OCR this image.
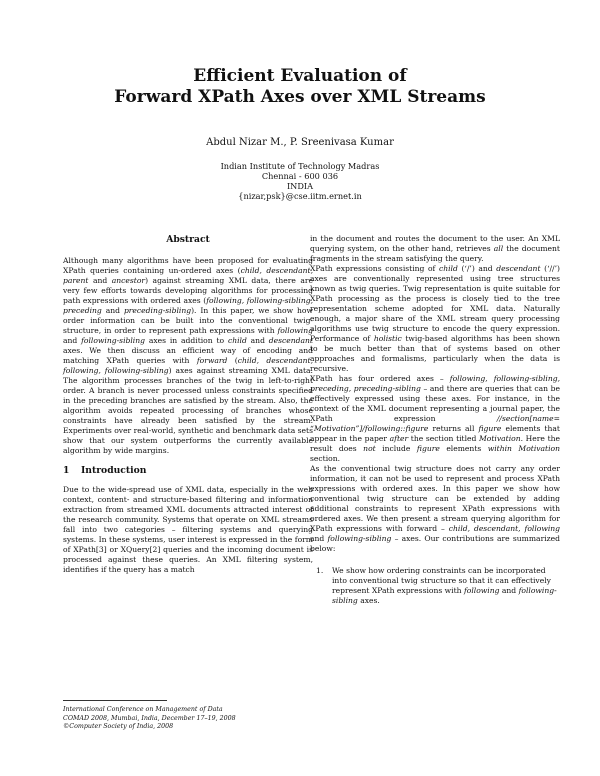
Efficient Evaluation of
Forward XPath Axes over XML Streams
Abdul Nizar M., P. Sreenivasa Kumar
Indian Institute of Technology Madras
Chennai - 600 036
INDIA
{nizar,psk}@cse.iitm.ernet.in
Abstract
Although many algorithms have been proposed for evaluating XPath queries containing un-ordered axes (child, descendant, parent and ancestor) against streaming XML data, there are very few efforts towards developing algorithms for processing path expressions with ordered axes (following, following-sibling, preceding and preceding-sibling). In this paper, we show how order information can be built into the conventional twig-structure, in order to represent path expressions with following and following-sibling axes in addition to child and descendant axes. We then discuss an efficient way of encoding and matching XPath queries with forward (child, descendant, following, following-sibling) axes against streaming XML data. The algorithm processes branches of the twig in left-to-right order. A branch is never processed unless constraints specified in the preceding branches are satisfied by the stream. Also, the algorithm avoids repeated processing of branches whose constraints have already been satisfied by the stream. Experiments over real-world, synthetic and benchmark data sets show that our system outperforms the currently available algorithm by wide margins.
1 Introduction
Due to the wide-spread use of XML data, especially in the web context, content- and structure-based filtering and information extraction from streamed XML documents attracted interest of the research community. Systems that operate on XML streams fall into two categories – filtering systems and querying systems. In these systems, user interest is expressed in the form of XPath[3] or XQuery[2] queries and the incoming document is processed against these queries. An XML filtering system, identifies if the query has a match
in the document and routes the document to the user. An XML querying system, on the other hand, retrieves all the document fragments in the stream satisfying the query.
XPath expressions consisting of child (‘/’) and descendant (‘//’) axes are conventionally represented using tree structures known as twig queries. Twig representation is quite suitable for XPath processing as the process is closely tied to the tree representation scheme adopted for XML data. Naturally enough, a major share of the XML stream query processing algorithms use twig structure to encode the query expression. Performance of holistic twig-based algorithms has been shown to be much better than that of systems based on other approaches and formalisms, particularly when the data is recursive.
XPath has four ordered axes – following, following-sibling, preceding, preceding-sibling – and there are queries that can be effectively expressed using these axes. For instance, in the context of the XML document representing a journal paper, the XPath expression //section[name= “Motivation”]/following::figure returns all figure elements that appear in the paper after the section titled Motivation. Here the result does not include figure elements within Motivation section.
As the conventional twig structure does not carry any order information, it can not be used to represent and process XPath expressions with ordered axes. In this paper we show how conventional twig structure can be extended by adding additional constraints to represent XPath expressions with ordered axes. We then present a stream querying algorithm for XPath expressions with forward – child, descendant, following and following-sibling – axes. Our contributions are summarized below:
1.	We show how ordering constraints can be incorporated into conventional twig structure so that it can effectively represent XPath expressions with following and following-sibling axes.
International Conference on Management of Data
COMAD 2008, Mumbai, India, December 17–19, 2008
©Computer Society of India, 2008
